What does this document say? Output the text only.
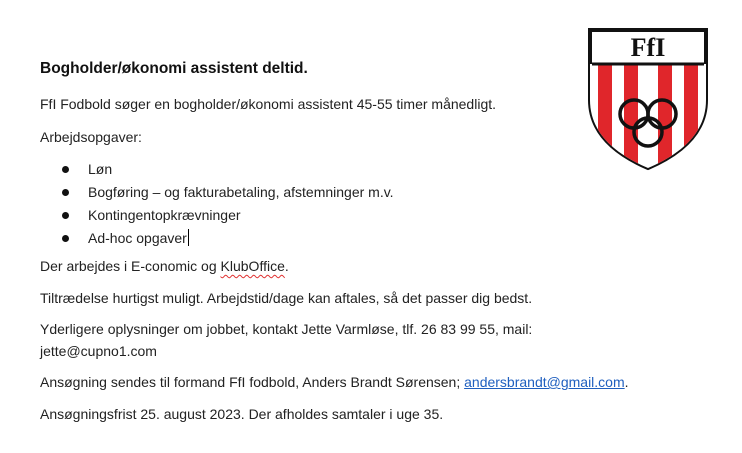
Bogholder/økonomi assistent deltid.

FfI Fodbold søger en bogholder/økonomi assistent 45-55 timer månedligt.

Arbejdsopgaver:

Løn
Bogføring – og fakturabetaling, afstemninger m.v.
Kontingentopkrævninger
Ad-hoc opgaver

Der arbejdes i E-conomic og KlubOffice.

Tiltrædelse hurtigst muligt. Arbejdstid/dage kan aftales, så det passer dig bedst.

Yderligere oplysninger om jobbet, kontakt Jette Varmløse, tlf. 26 83 99 55, mail:

jette@cupno1.com

Ansøgning sendes til formand FfI fodbold, Anders Brandt Sørensen; andersbrandt@gmail.com.

Ansøgningsfrist 25. august 2023. Der afholdes samtaler i uge 35.

FfI
